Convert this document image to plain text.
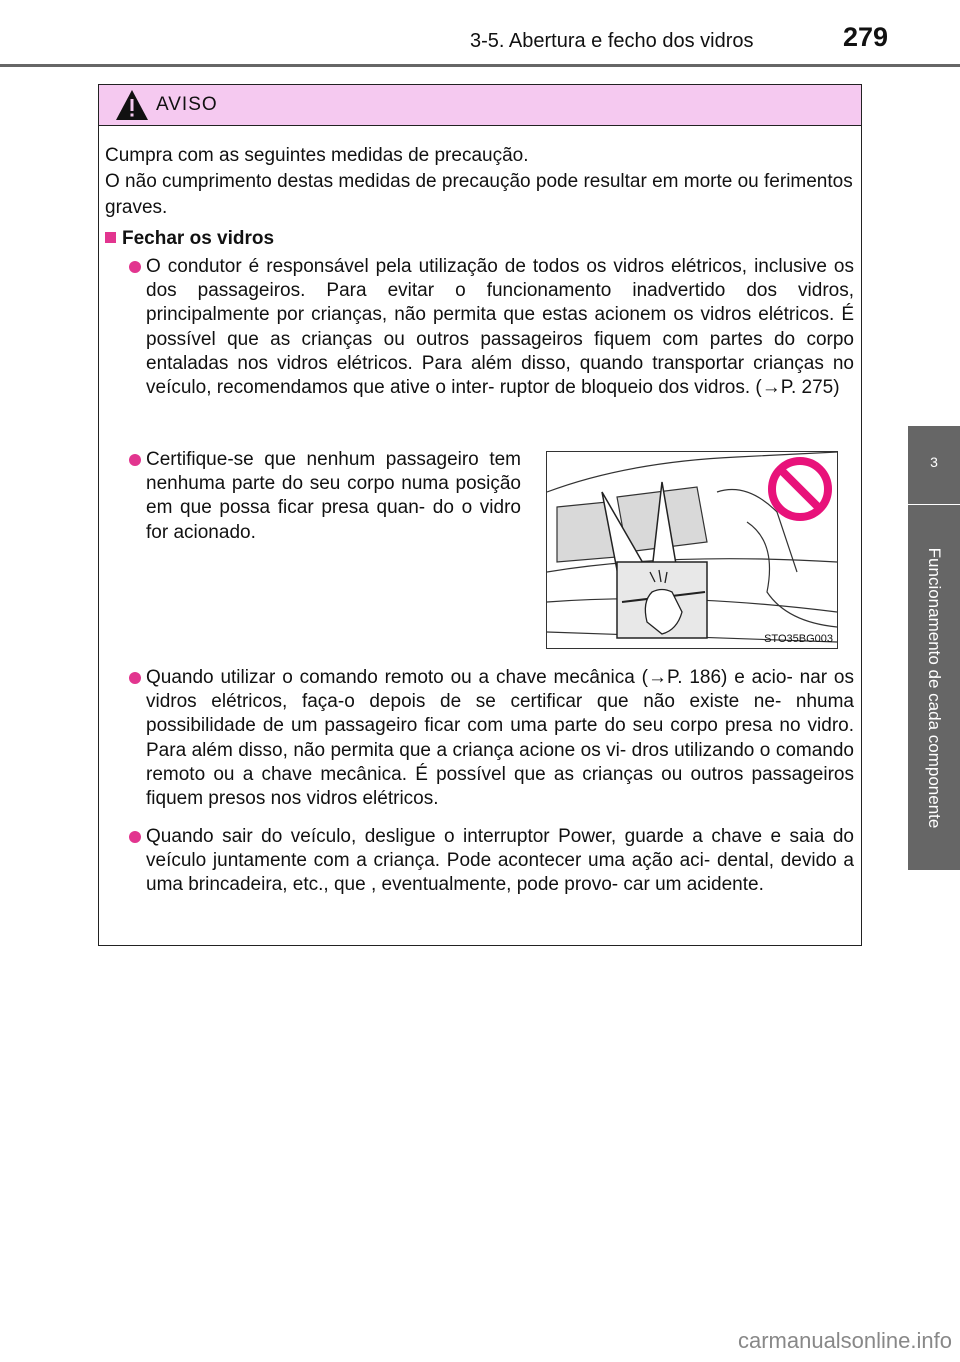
3-5. Abertura e fecho dos vidros	279
3
Funcionamento de cada componente
AVISO
Cumpra com as seguintes medidas de precaução.
O não cumprimento destas medidas de precaução pode resultar em morte ou ferimentos graves.
Fechar os vidros
O condutor é responsável pela utilização de todos os vidros elétricos, inclusive os dos passageiros. Para evitar o funcionamento inadvertido dos vidros, principalmente por crianças, não permita que estas acionem os vidros elétricos. É possível que as crianças ou outros passageiros fiquem com partes do corpo entaladas nos vidros elétricos. Para além disso, quando transportar crianças no veículo, recomendamos que ative o inter- ruptor de bloqueio dos vidros. (→P. 275)
Certifique-se que nenhum passageiro tem nenhuma parte do seu corpo numa posição em que possa ficar presa quan- do o vidro for acionado.
STO35BG003
Quando utilizar o comando remoto ou a chave mecânica (→P. 186) e acio- nar os vidros elétricos, faça-o depois de se certificar que não existe ne- nhuma possibilidade de um passageiro ficar com uma parte do seu corpo presa no vidro. Para além disso, não permita que a criança acione os vi- dros utilizando o comando remoto ou a chave mecânica. É possível que as crianças ou outros passageiros fiquem presos nos vidros elétricos.
Quando sair do veículo, desligue o interruptor Power, guarde a chave e saia do veículo juntamente com a criança. Pode acontecer uma ação aci- dental, devido a uma brincadeira, etc., que , eventualmente, pode provo- car um acidente.
carmanualsonline.info
